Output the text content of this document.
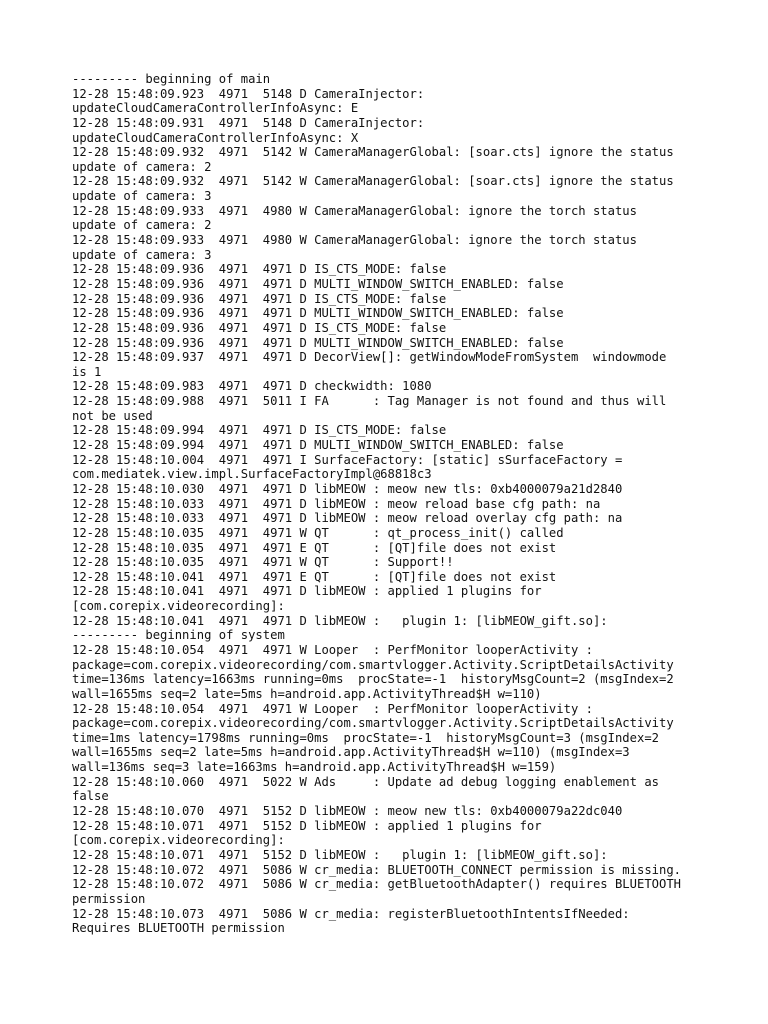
--------- beginning of main
12-28 15:48:09.923  4971  5148 D CameraInjector:
updateCloudCameraControllerInfoAsync: E
12-28 15:48:09.931  4971  5148 D CameraInjector:
updateCloudCameraControllerInfoAsync: X
12-28 15:48:09.932  4971  5142 W CameraManagerGlobal: [soar.cts] ignore the status
update of camera: 2
12-28 15:48:09.932  4971  5142 W CameraManagerGlobal: [soar.cts] ignore the status
update of camera: 3
12-28 15:48:09.933  4971  4980 W CameraManagerGlobal: ignore the torch status
update of camera: 2
12-28 15:48:09.933  4971  4980 W CameraManagerGlobal: ignore the torch status
update of camera: 3
12-28 15:48:09.936  4971  4971 D IS_CTS_MODE: false
12-28 15:48:09.936  4971  4971 D MULTI_WINDOW_SWITCH_ENABLED: false
12-28 15:48:09.936  4971  4971 D IS_CTS_MODE: false
12-28 15:48:09.936  4971  4971 D MULTI_WINDOW_SWITCH_ENABLED: false
12-28 15:48:09.936  4971  4971 D IS_CTS_MODE: false
12-28 15:48:09.936  4971  4971 D MULTI_WINDOW_SWITCH_ENABLED: false
12-28 15:48:09.937  4971  4971 D DecorView[]: getWindowModeFromSystem  windowmode
is 1
12-28 15:48:09.983  4971  4971 D checkwidth: 1080
12-28 15:48:09.988  4971  5011 I FA      : Tag Manager is not found and thus will
not be used
12-28 15:48:09.994  4971  4971 D IS_CTS_MODE: false
12-28 15:48:09.994  4971  4971 D MULTI_WINDOW_SWITCH_ENABLED: false
12-28 15:48:10.004  4971  4971 I SurfaceFactory: [static] sSurfaceFactory =
com.mediatek.view.impl.SurfaceFactoryImpl@68818c3
12-28 15:48:10.030  4971  4971 D libMEOW : meow new tls: 0xb4000079a21d2840
12-28 15:48:10.033  4971  4971 D libMEOW : meow reload base cfg path: na
12-28 15:48:10.033  4971  4971 D libMEOW : meow reload overlay cfg path: na
12-28 15:48:10.035  4971  4971 W QT      : qt_process_init() called
12-28 15:48:10.035  4971  4971 E QT      : [QT]file does not exist
12-28 15:48:10.035  4971  4971 W QT      : Support!!
12-28 15:48:10.041  4971  4971 E QT      : [QT]file does not exist
12-28 15:48:10.041  4971  4971 D libMEOW : applied 1 plugins for
[com.corepix.videorecording]:
12-28 15:48:10.041  4971  4971 D libMEOW :   plugin 1: [libMEOW_gift.so]:
--------- beginning of system
12-28 15:48:10.054  4971  4971 W Looper  : PerfMonitor looperActivity :
package=com.corepix.videorecording/com.smartvlogger.Activity.ScriptDetailsActivity
time=136ms latency=1663ms running=0ms  procState=-1  historyMsgCount=2 (msgIndex=2
wall=1655ms seq=2 late=5ms h=android.app.ActivityThread$H w=110)
12-28 15:48:10.054  4971  4971 W Looper  : PerfMonitor looperActivity :
package=com.corepix.videorecording/com.smartvlogger.Activity.ScriptDetailsActivity
time=1ms latency=1798ms running=0ms  procState=-1  historyMsgCount=3 (msgIndex=2
wall=1655ms seq=2 late=5ms h=android.app.ActivityThread$H w=110) (msgIndex=3
wall=136ms seq=3 late=1663ms h=android.app.ActivityThread$H w=159)
12-28 15:48:10.060  4971  5022 W Ads     : Update ad debug logging enablement as
false
12-28 15:48:10.070  4971  5152 D libMEOW : meow new tls: 0xb4000079a22dc040
12-28 15:48:10.071  4971  5152 D libMEOW : applied 1 plugins for
[com.corepix.videorecording]:
12-28 15:48:10.071  4971  5152 D libMEOW :   plugin 1: [libMEOW_gift.so]:
12-28 15:48:10.072  4971  5086 W cr_media: BLUETOOTH_CONNECT permission is missing.
12-28 15:48:10.072  4971  5086 W cr_media: getBluetoothAdapter() requires BLUETOOTH
permission
12-28 15:48:10.073  4971  5086 W cr_media: registerBluetoothIntentsIfNeeded:
Requires BLUETOOTH permission
